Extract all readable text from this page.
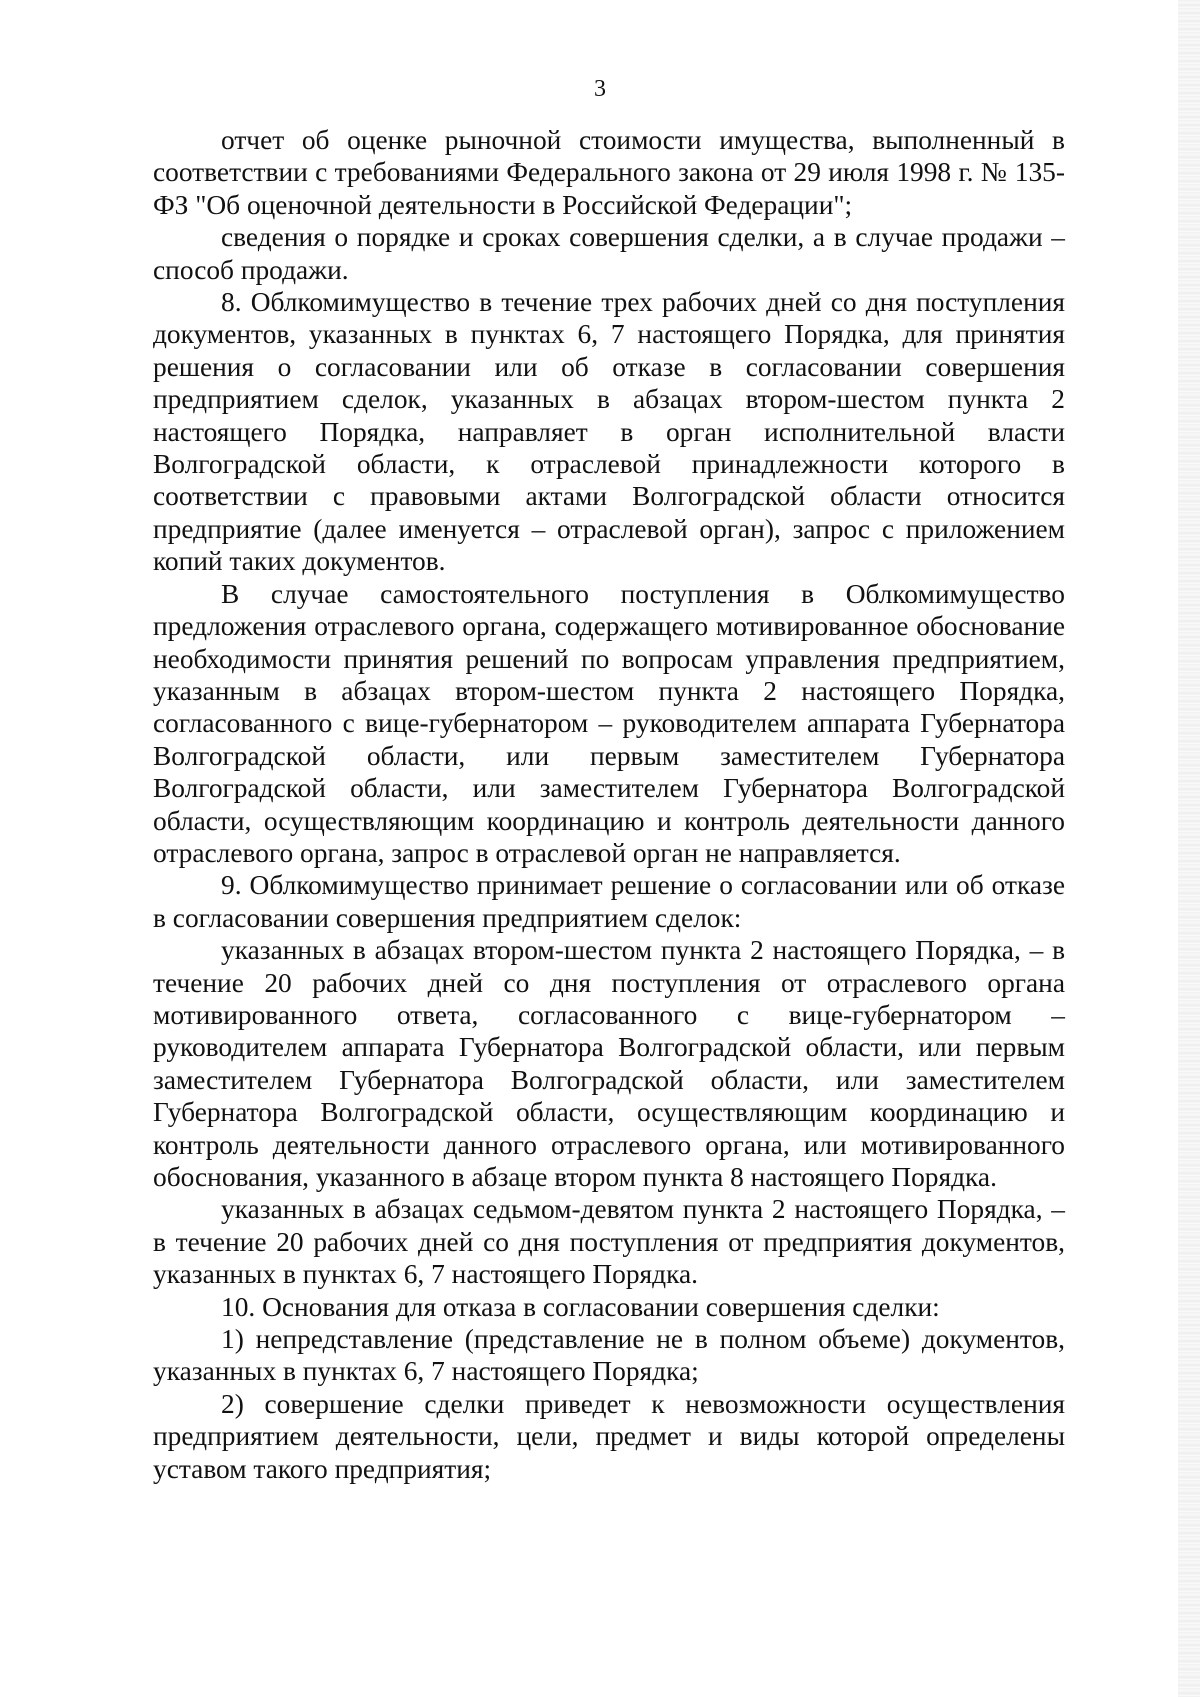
3

отчет об оценке рыночной стоимости имущества, выполненный в соответствии с требованиями Федерального закона от 29 июля 1998 г. № 135-ФЗ "Об оценочной деятельности в Российской Федерации";

сведения о порядке и сроках совершения сделки, а в случае продажи – способ продажи.

8. Облкомимущество в течение трех рабочих дней со дня поступления документов, указанных в пунктах 6, 7 настоящего Порядка, для принятия решения о согласовании или об отказе в согласовании совершения предприятием сделок, указанных в абзацах втором-шестом пункта 2 настоящего Порядка, направляет в орган исполнительной власти Волгоградской области, к отраслевой принадлежности которого в соответствии с правовыми актами Волгоградской области относится предприятие (далее именуется – отраслевой орган), запрос с приложением копий таких документов.

В случае самостоятельного поступления в Облкомимущество предложения отраслевого органа, содержащего мотивированное обоснование необходимости принятия решений по вопросам управления предприятием, указанным в абзацах втором-шестом пункта 2 настоящего Порядка, согласованного с вице-губернатором – руководителем аппарата Губернатора Волгоградской области, или первым заместителем Губернатора Волгоградской области, или заместителем Губернатора Волгоградской области, осуществляющим координацию и контроль деятельности данного отраслевого органа, запрос в отраслевой орган не направляется.

9. Облкомимущество принимает решение о согласовании или об отказе в согласовании совершения предприятием сделок:

указанных в абзацах втором-шестом пункта 2 настоящего Порядка, – в течение 20 рабочих дней со дня поступления от отраслевого органа мотивированного ответа, согласованного с вице-губернатором – руководителем аппарата Губернатора Волгоградской области, или первым заместителем Губернатора Волгоградской области, или заместителем Губернатора Волгоградской области, осуществляющим координацию и контроль деятельности данного отраслевого органа, или мотивированного обоснования, указанного в абзаце втором пункта 8 настоящего Порядка.

указанных в абзацах седьмом-девятом пункта 2 настоящего Порядка, – в течение 20 рабочих дней со дня поступления от предприятия документов, указанных в пунктах 6, 7 настоящего Порядка.

10. Основания для отказа в согласовании совершения сделки:

1) непредставление (представление не в полном объеме) документов, указанных в пунктах 6, 7 настоящего Порядка;

2) совершение сделки приведет к невозможности осуществления предприятием деятельности, цели, предмет и виды которой определены уставом такого предприятия;
